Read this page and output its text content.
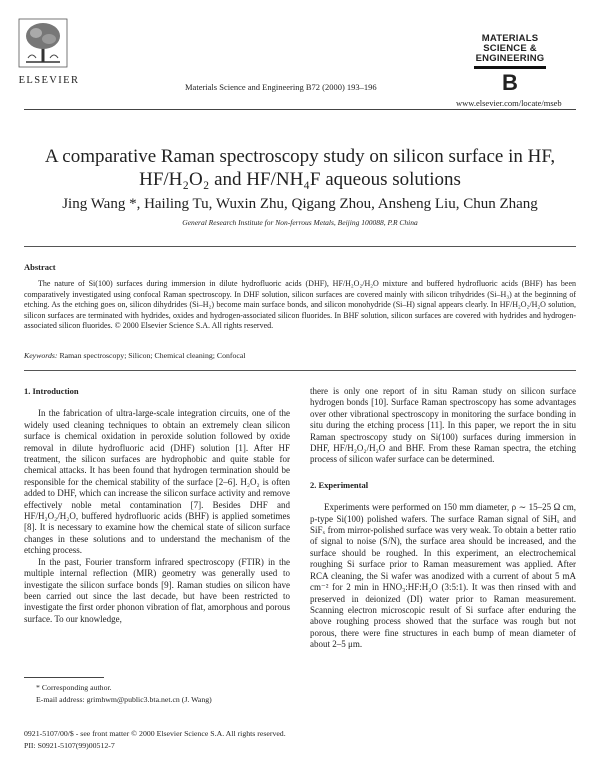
ELSEVIER
Materials Science and Engineering B72 (2000) 193–196
MATERIALS
SCIENCE &
ENGINEERING
B
www.elsevier.com/locate/mseb
A comparative Raman spectroscopy study on silicon surface in HF, HF/H₂O₂ and HF/NH₄F aqueous solutions
Jing Wang *, Hailing Tu, Wuxin Zhu, Qigang Zhou, Ansheng Liu, Chun Zhang
General Research Institute for Non-ferrous Metals, Beijing 100088, P.R China
Abstract
The nature of Si(100) surfaces during immersion in dilute hydrofluoric acids (DHF), HF/H₂O₂/H₂O mixture and buffered hydrofluoric acids (BHF) has been comparatively investigated using confocal Raman spectroscopy. In DHF solution, silicon surfaces are covered mainly with silicon trihydrides (Si–H₃) at the beginning of etching. As the etching goes on, silicon dihydrides (Si–H₂) become main surface bonds, and silicon monohydride (Si–H) signal appears clearly. In HF/H₂O₂/H₂O solution, silicon surfaces are terminated with hydrides, oxides and hydrogen-associated silicon fluorides. In BHF solution, silicon surfaces are covered with hydrides and hydrogen-associated silicon fluorides. © 2000 Elsevier Science S.A. All rights reserved.
Keywords: Raman spectroscopy; Silicon; Chemical cleaning; Confocal
1. Introduction

In the fabrication of ultra-large-scale integration circuits, one of the widely used cleaning techniques to obtain an extremely clean silicon surface is chemical oxidation in peroxide solution followed by oxide removal in dilute hydrofluoric acid (DHF) solution [1]. After HF treatment, the silicon surfaces are hydrophobic and quite stable for chemical attacks. It has been found that hydrogen termination should be responsible for the chemical stability of the surface [2–6]. H₂O₂ is often added to DHF, which can increase the silicon surface activity and remove effectively noble metal contamination [7]. Besides DHF and HF/H₂O₂/H₂O, buffered hydrofluoric acids (BHF) is applied sometimes [8]. It is necessary to examine how the chemical state of silicon surface changes in these solutions and to understand the mechanism of the etching process.

In the past, Fourier transform infrared spectroscopy (FTIR) in the multiple internal reflection (MIR) geometry was generally used to investigate the silicon surface bonds [9]. Raman studies on silicon have been carried out since the last decade, but have been restricted to investigate the first order phonon vibration of flat, amorphous and porous surface. To our knowledge,

there is only one report of in situ Raman study on silicon surface hydrogen bonds [10]. Surface Raman spectroscopy has some advantages over other vibrational spectroscopy in monitoring the surface bonding in situ during the etching process [11]. In this paper, we report the in situ Raman spectroscopy study on Si(100) surfaces during immersion in DHF, HF/H₂O₂/H₂O and BHF. From these Raman spectra, the etching process of silicon wafer surface can be determined.

2. Experimental

Experiments were performed on 150 mm diameter, ρ ∼ 15–25 Ω cm, p-type Si(100) polished wafers. The surface Raman signal of SiHₓ and SiFₓ from mirror-polished surface was very weak. To obtain a better ratio of signal to noise (S/N), the surface area should be increased, and the surface should be roughed. In this experiment, an electrochemical roughing Si surface prior to Raman measurement was applied. After RCA cleaning, the Si wafer was anodized with a current of about 5 mA cm⁻² for 2 min in HNO₃:HF:H₂O (3:5:1). It was then rinsed with and preserved in deionized (DI) water prior to Raman measurement. Scanning electron microscopic result of Si surface after enduring the above roughing process showed that the surface was rough but not porous, there were fine structures in each bump of mean diameter of about 2–5 μm.

* Corresponding author.
E-mail address: grimhwm@public3.bta.net.cn (J. Wang)
0921-5107/00/$ - see front matter © 2000 Elsevier Science S.A. All rights reserved.
PII: S0921-5107(99)00512-7
